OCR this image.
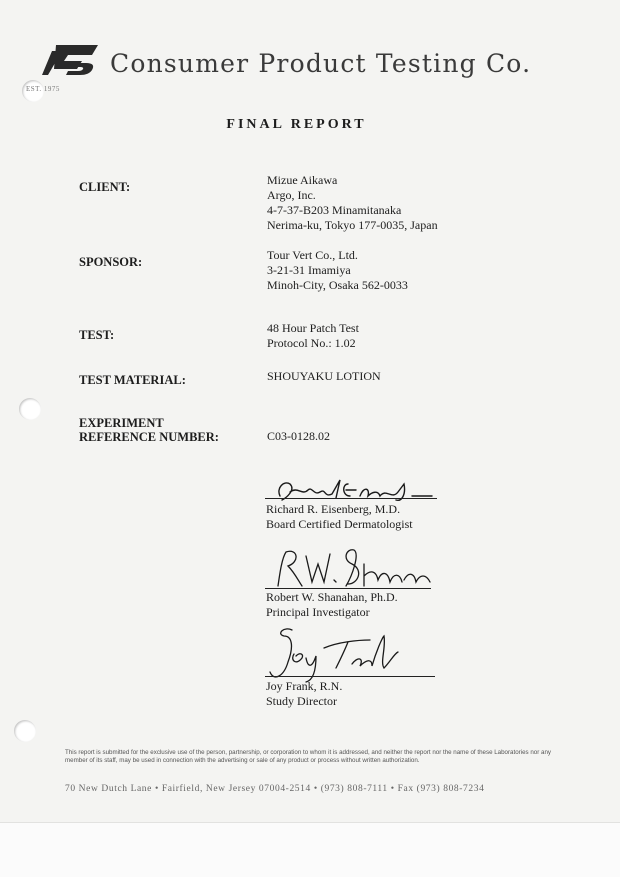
Consumer Product Testing Co.
EST. 1975
FINAL REPORT
CLIENT:	Mizue Aikawa
Argo, Inc.
4-7-37-B203 Minamitanaka
Nerima-ku, Tokyo 177-0035, Japan
SPONSOR:	Tour Vert Co., Ltd.
3-21-31 Imamiya
Minoh-City, Osaka 562-0033
TEST:	48 Hour Patch Test
Protocol No.: 1.02
TEST MATERIAL:	SHOUYAKU LOTION
EXPERIMENT
REFERENCE NUMBER:	C03-0128.02
Richard R. Eisenberg, M.D.
Board Certified Dermatologist
Robert W. Shanahan, Ph.D.
Principal Investigator
Joy Frank, R.N.
Study Director
This report is submitted for the exclusive use of the person, partnership, or corporation to whom it is addressed, and neither the report nor the name of these Laboratories nor any member of its staff, may be used in connection with the advertising or sale of any product or process without written authorization.
70 New Dutch Lane • Fairfield, New Jersey 07004-2514 • (973) 808-7111 • Fax (973) 808-7234
